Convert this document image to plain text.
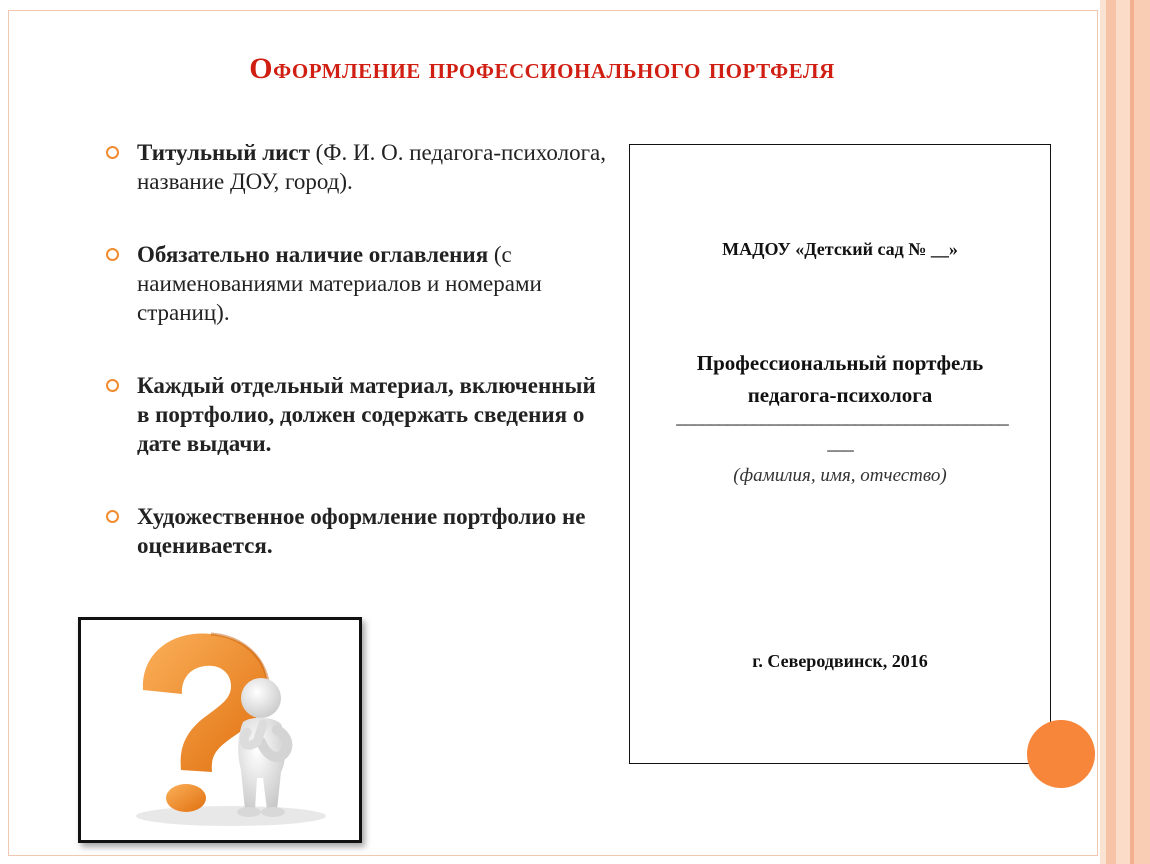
Оформление профессионального портфеля
Титульный лист (Ф. И. О. педагога-психолога, название ДОУ, город).
Обязательно наличие оглавления (с наименованиями материалов и номерами страниц).
Каждый отдельный материал, включенный в портфолио, должен содержать сведения о дате выдачи.
Художественное оформление портфолио не оценивается.
МАДОУ «Детский сад № __»
Профессиональный портфель
педагога-психолога
_______________________________________
___
(фамилия, имя, отчество)
г. Северодвинск, 2016
